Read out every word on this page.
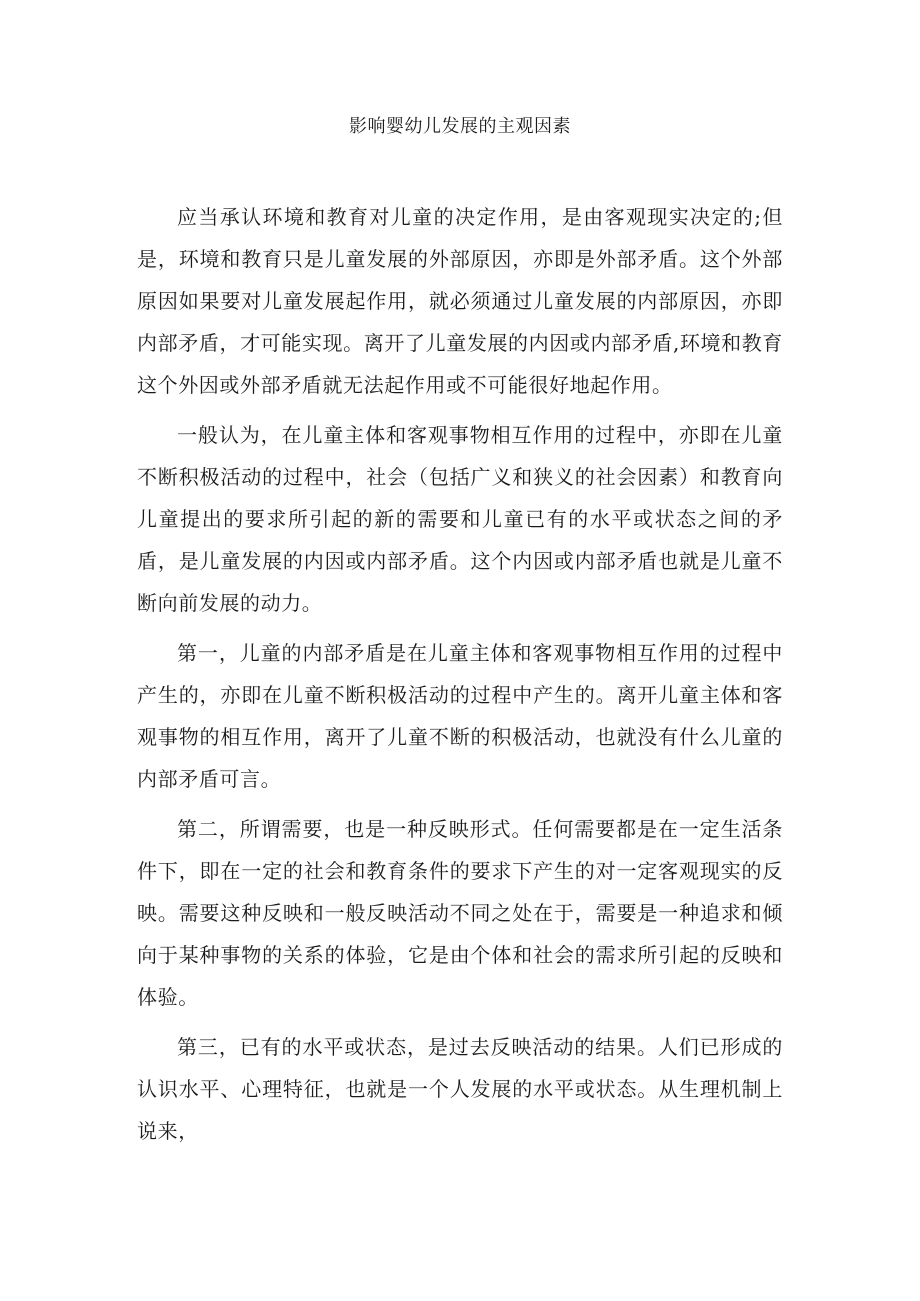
影响婴幼儿发展的主观因素

应当承认环境和教育对儿童的决定作用，是由客观现实决定的;但是，环境和教育只是儿童发展的外部原因，亦即是外部矛盾。这个外部原因如果要对儿童发展起作用，就必须通过儿童发展的内部原因，亦即内部矛盾，才可能实现。离开了儿童发展的内因或内部矛盾,环境和教育这个外因或外部矛盾就无法起作用或不可能很好地起作用。

一般认为，在儿童主体和客观事物相互作用的过程中，亦即在儿童不断积极活动的过程中，社会（包括广义和狭义的社会因素）和教育向儿童提出的要求所引起的新的需要和儿童已有的水平或状态之间的矛盾，是儿童发展的内因或内部矛盾。这个内因或内部矛盾也就是儿童不断向前发展的动力。

第一，儿童的内部矛盾是在儿童主体和客观事物相互作用的过程中产生的，亦即在儿童不断积极活动的过程中产生的。离开儿童主体和客观事物的相互作用，离开了儿童不断的积极活动，也就没有什么儿童的内部矛盾可言。

第二，所谓需要，也是一种反映形式。任何需要都是在一定生活条件下，即在一定的社会和教育条件的要求下产生的对一定客观现实的反映。需要这种反映和一般反映活动不同之处在于，需要是一种追求和倾向于某种事物的关系的体验，它是由个体和社会的需求所引起的反映和体验。

第三，已有的水平或状态，是过去反映活动的结果。人们已形成的认识水平、心理特征，也就是一个人发展的水平或状态。从生理机制上说来，
